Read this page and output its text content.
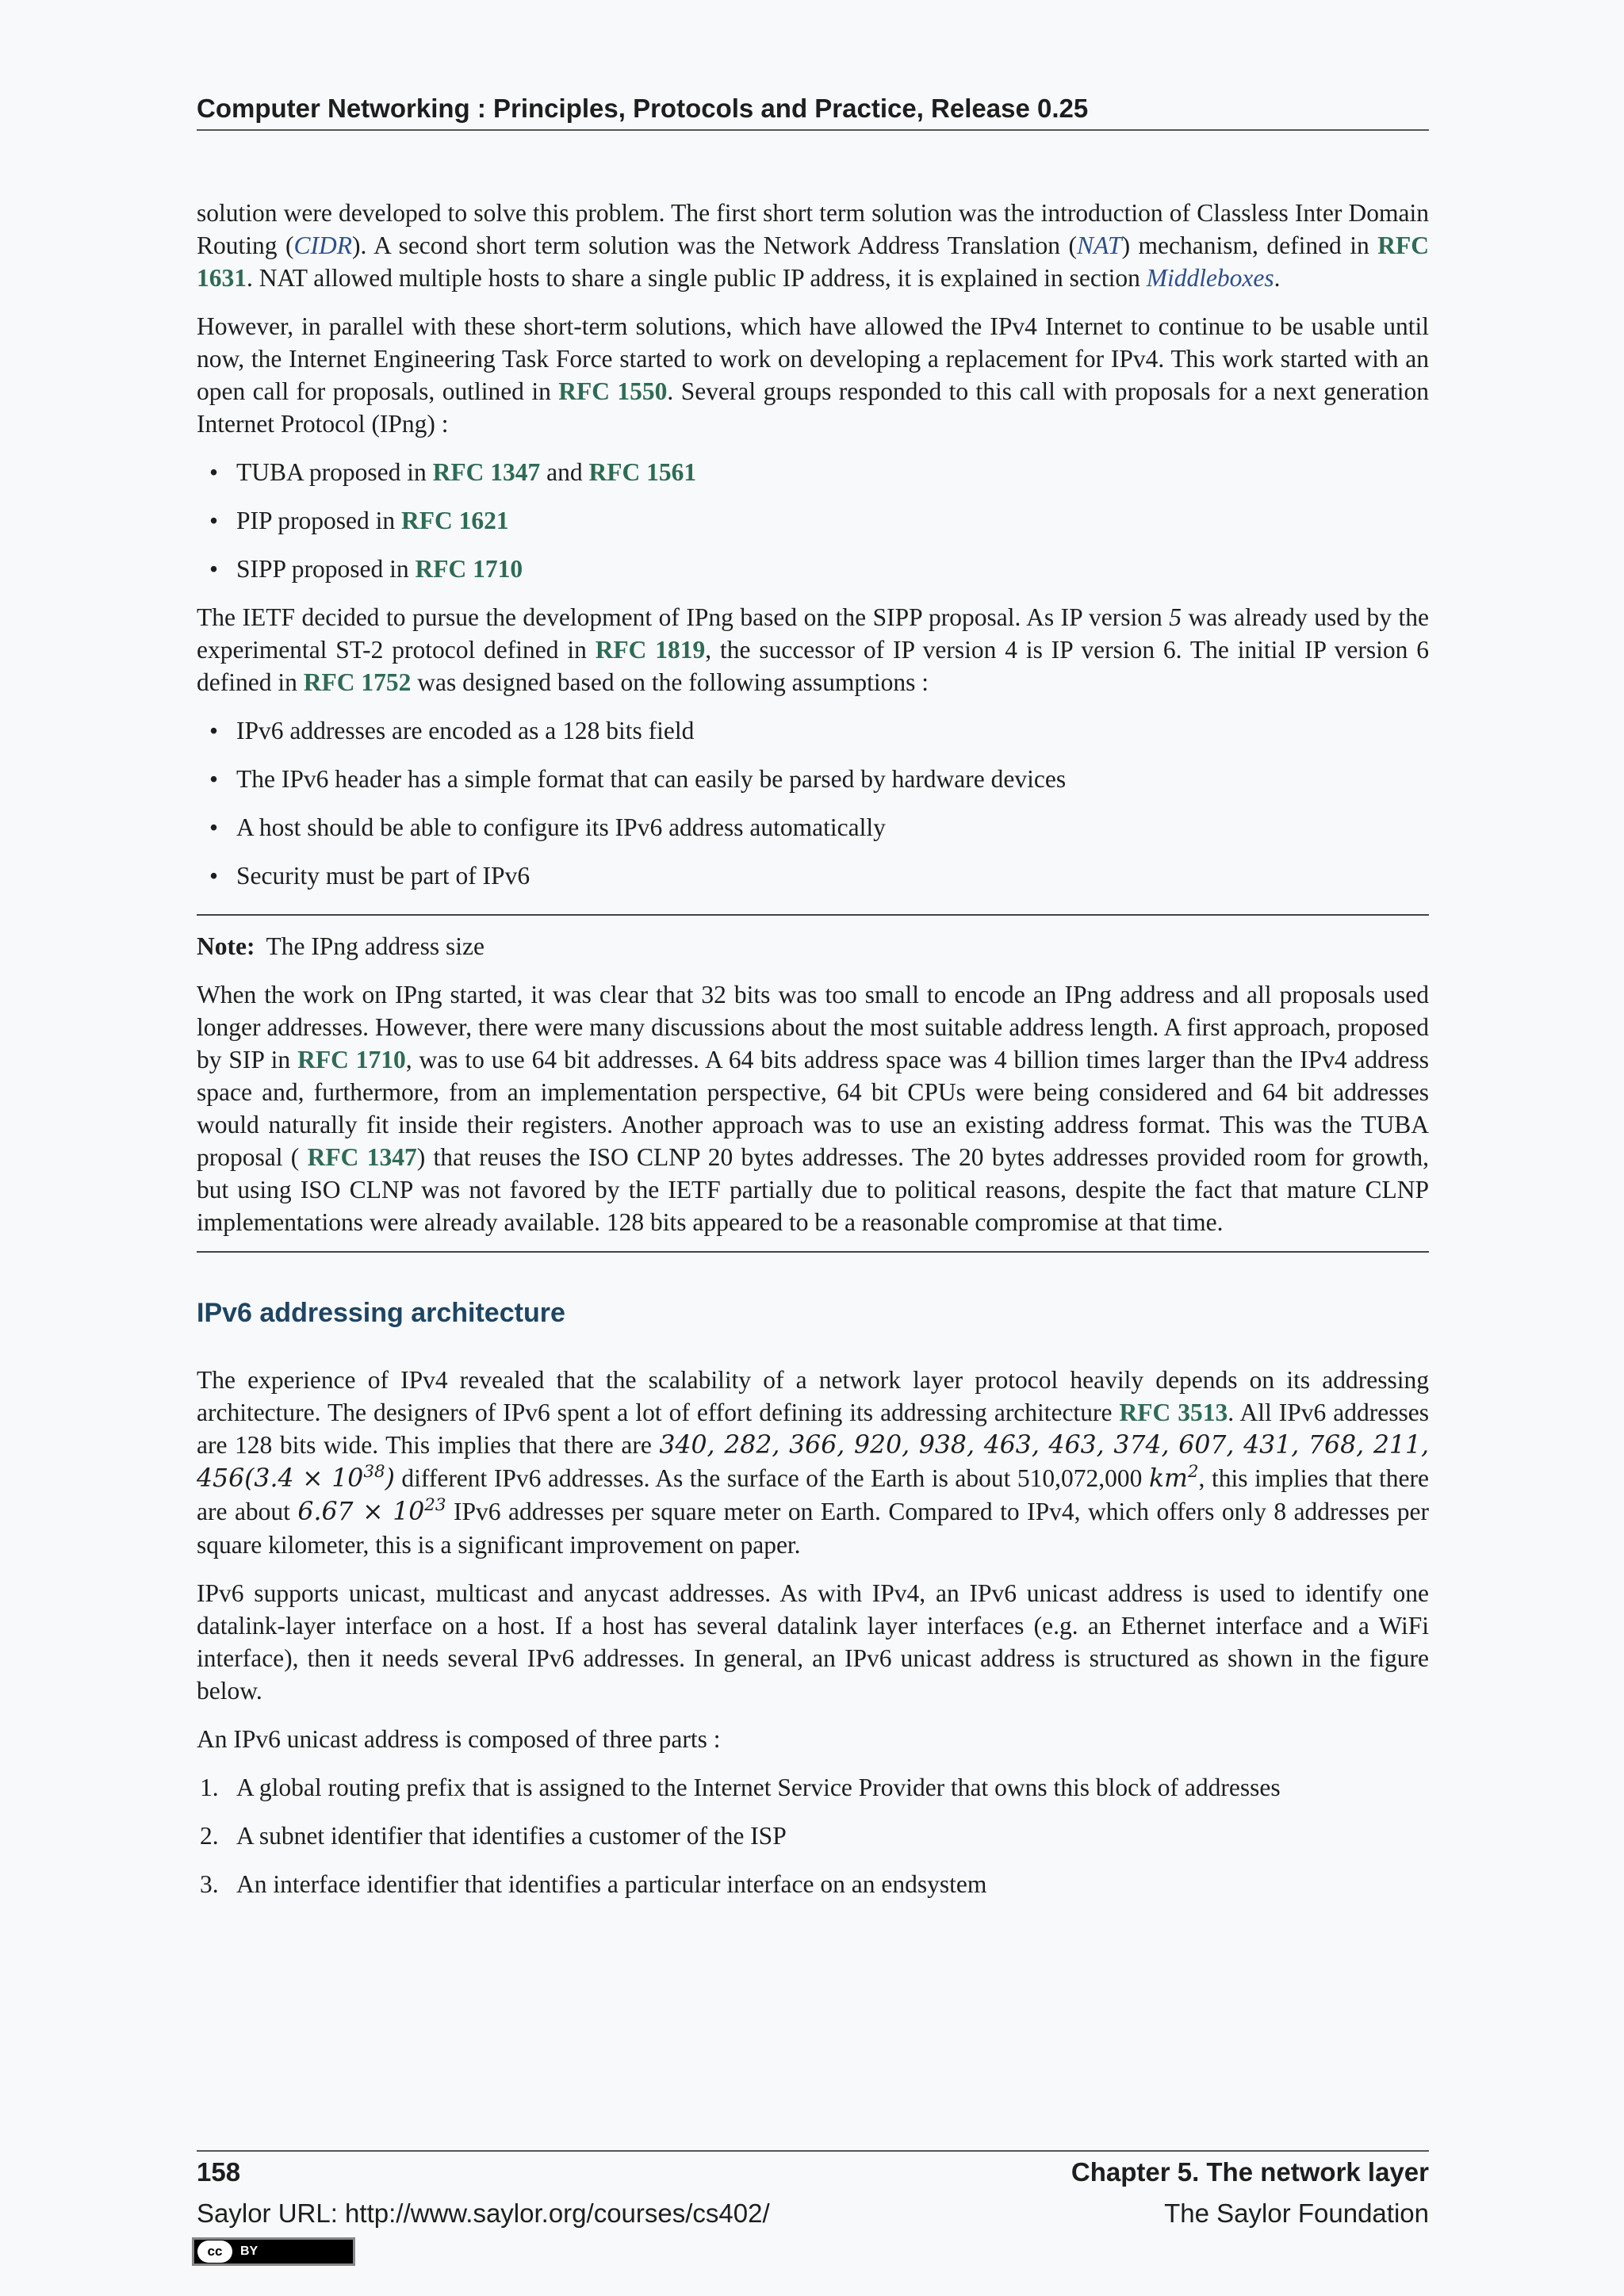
Computer Networking : Principles, Protocols and Practice, Release 0.25

solution were developed to solve this problem. The first short term solution was the introduction of Classless Inter Domain Routing (CIDR). A second short term solution was the Network Address Translation (NAT) mechanism, defined in RFC 1631. NAT allowed multiple hosts to share a single public IP address, it is explained in section Middleboxes.

However, in parallel with these short-term solutions, which have allowed the IPv4 Internet to continue to be usable until now, the Internet Engineering Task Force started to work on developing a replacement for IPv4. This work started with an open call for proposals, outlined in RFC 1550. Several groups responded to this call with proposals for a next generation Internet Protocol (IPng) :

• TUBA proposed in RFC 1347 and RFC 1561
• PIP proposed in RFC 1621
• SIPP proposed in RFC 1710

The IETF decided to pursue the development of IPng based on the SIPP proposal. As IP version 5 was already used by the experimental ST-2 protocol defined in RFC 1819, the successor of IP version 4 is IP version 6. The initial IP version 6 defined in RFC 1752 was designed based on the following assumptions :

• IPv6 addresses are encoded as a 128 bits field
• The IPv6 header has a simple format that can easily be parsed by hardware devices
• A host should be able to configure its IPv6 address automatically
• Security must be part of IPv6
Note: The IPng address size

When the work on IPng started, it was clear that 32 bits was too small to encode an IPng address and all proposals used longer addresses. However, there were many discussions about the most suitable address length. A first approach, proposed by SIP in RFC 1710, was to use 64 bit addresses. A 64 bits address space was 4 billion times larger than the IPv4 address space and, furthermore, from an implementation perspective, 64 bit CPUs were being considered and 64 bit addresses would naturally fit inside their registers. Another approach was to use an existing address format. This was the TUBA proposal ( RFC 1347) that reuses the ISO CLNP 20 bytes addresses. The 20 bytes addresses provided room for growth, but using ISO CLNP was not favored by the IETF partially due to political reasons, despite the fact that mature CLNP implementations were already available. 128 bits appeared to be a reasonable compromise at that time.

IPv6 addressing architecture

The experience of IPv4 revealed that the scalability of a network layer protocol heavily depends on its addressing architecture. The designers of IPv6 spent a lot of effort defining its addressing architecture RFC 3513. All IPv6 addresses are 128 bits wide. This implies that there are 340, 282, 366, 920, 938, 463, 463, 374, 607, 431, 768, 211, $456(3.4 \times 10^{38})$ different IPv6 addresses. As the surface of the Earth is about 510,072,000 $km^2$, this implies that there are about $6.67 \times 10^{23}$ IPv6 addresses per square meter on Earth. Compared to IPv4, which offers only 8 addresses per square kilometer, this is a significant improvement on paper.

IPv6 supports unicast, multicast and anycast addresses. As with IPv4, an IPv6 unicast address is used to identify one datalink-layer interface on a host. If a host has several datalink layer interfaces (e.g. an Ethernet interface and a WiFi interface), then it needs several IPv6 addresses. In general, an IPv6 unicast address is structured as shown in the figure below.

An IPv6 unicast address is composed of three parts :

1. A global routing prefix that is assigned to the Internet Service Provider that owns this block of addresses
2. A subnet identifier that identifies a customer of the ISP
3. An interface identifier that identifies a particular interface on an endsystem
158	Chapter 5. The network layer
Saylor URL: http://www.saylor.org/courses/cs402/	The Saylor Foundation
cc	BY
